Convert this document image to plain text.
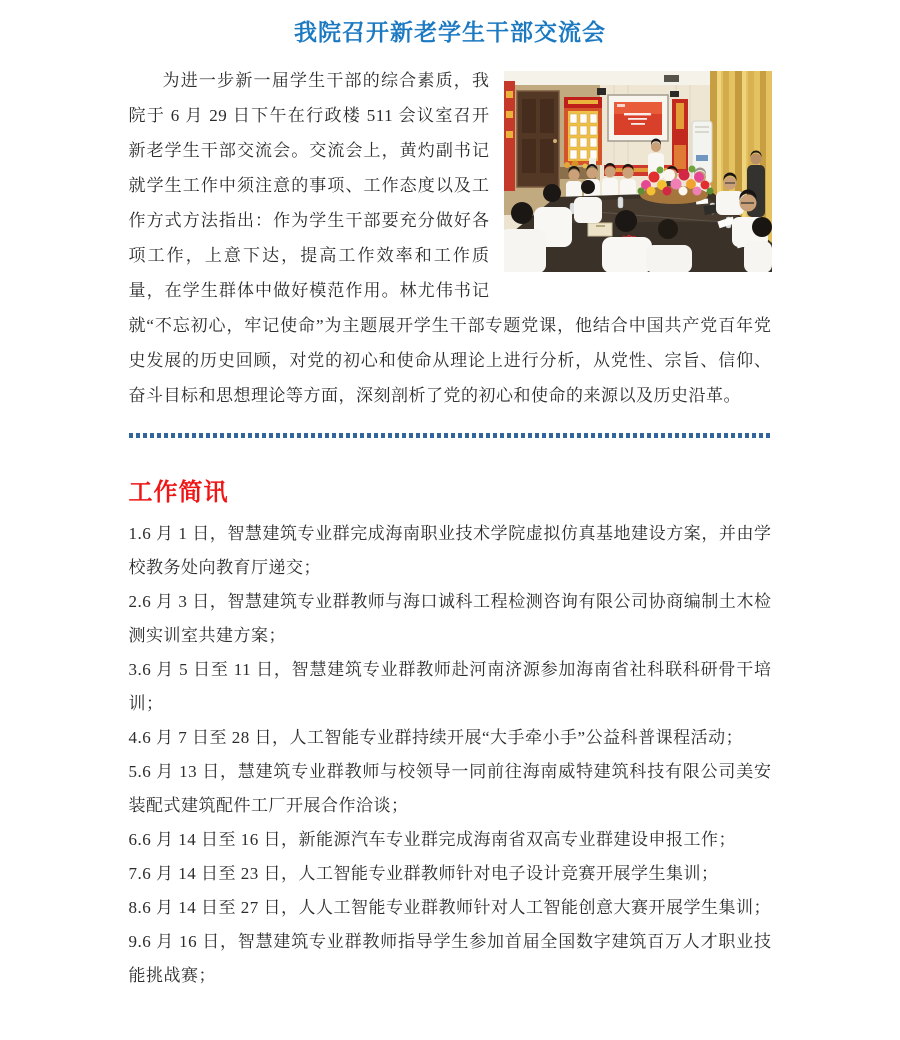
我院召开新老学生干部交流会

为进一步新一届学生干部的综合素质，我院于 6 月 29 日下午在行政楼 511 会议室召开新老学生干部交流会。交流会上，黄灼副书记就学生工作中须注意的事项、工作态度以及工作方式方法指出：作为学生干部要充分做好各项工作，上意下达，提高工作效率和工作质量，在学生群体中做好模范作用。林尤伟书记就“不忘初心，牢记使命”为主题展开学生干部专题党课，他结合中国共产党百年党史发展的历史回顾，对党的初心和使命从理论上进行分析，从党性、宗旨、信仰、奋斗目标和思想理论等方面，深刻剖析了党的初心和使命的来源以及历史沿革。

工作简讯

1.6 月 1 日，智慧建筑专业群完成海南职业技术学院虚拟仿真基地建设方案，并由学校教务处向教育厅递交；

2.6 月 3 日，智慧建筑专业群教师与海口诚科工程检测咨询有限公司协商编制土木检测实训室共建方案；

3.6 月 5 日至 11 日，智慧建筑专业群教师赴河南济源参加海南省社科联科研骨干培训；

4.6 月 7 日至 28 日，人工智能专业群持续开展“大手牵小手”公益科普课程活动；

5.6 月 13 日，慧建筑专业群教师与校领导一同前往海南威特建筑科技有限公司美安装配式建筑配件工厂开展合作洽谈；

6.6 月 14 日至 16 日，新能源汽车专业群完成海南省双高专业群建设申报工作；

7.6 月 14 日至 23 日，人工智能专业群教师针对电子设计竞赛开展学生集训；

8.6 月 14 日至 27 日，人人工智能专业群教师针对人工智能创意大赛开展学生集训；

9.6 月 16 日，智慧建筑专业群教师指导学生参加首届全国数字建筑百万人才职业技能挑战赛；
